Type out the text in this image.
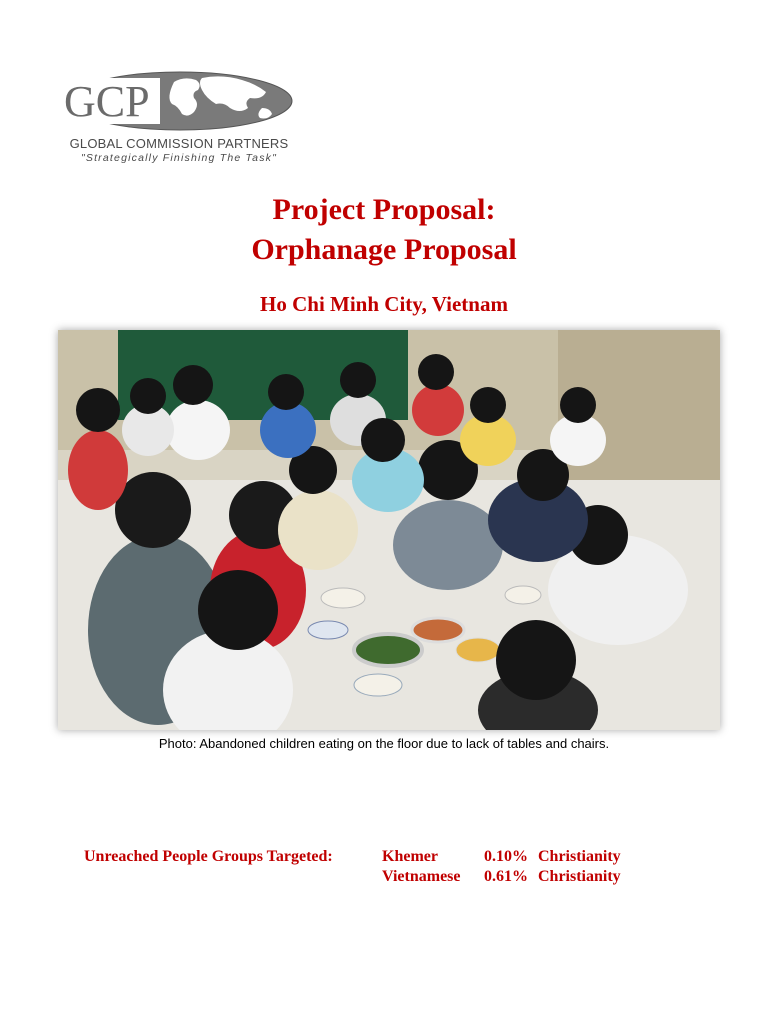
GCP
GLOBAL COMMISSION PARTNERS
"Strategically Finishing The Task"
Project Proposal:
Orphanage Proposal
Ho Chi Minh City, Vietnam
Photo: Abandoned children eating on the floor due to lack of tables and chairs.
Unreached People Groups Targeted:	Khemer	0.10% Christianity
Vietnamese 0.61% Christianity
